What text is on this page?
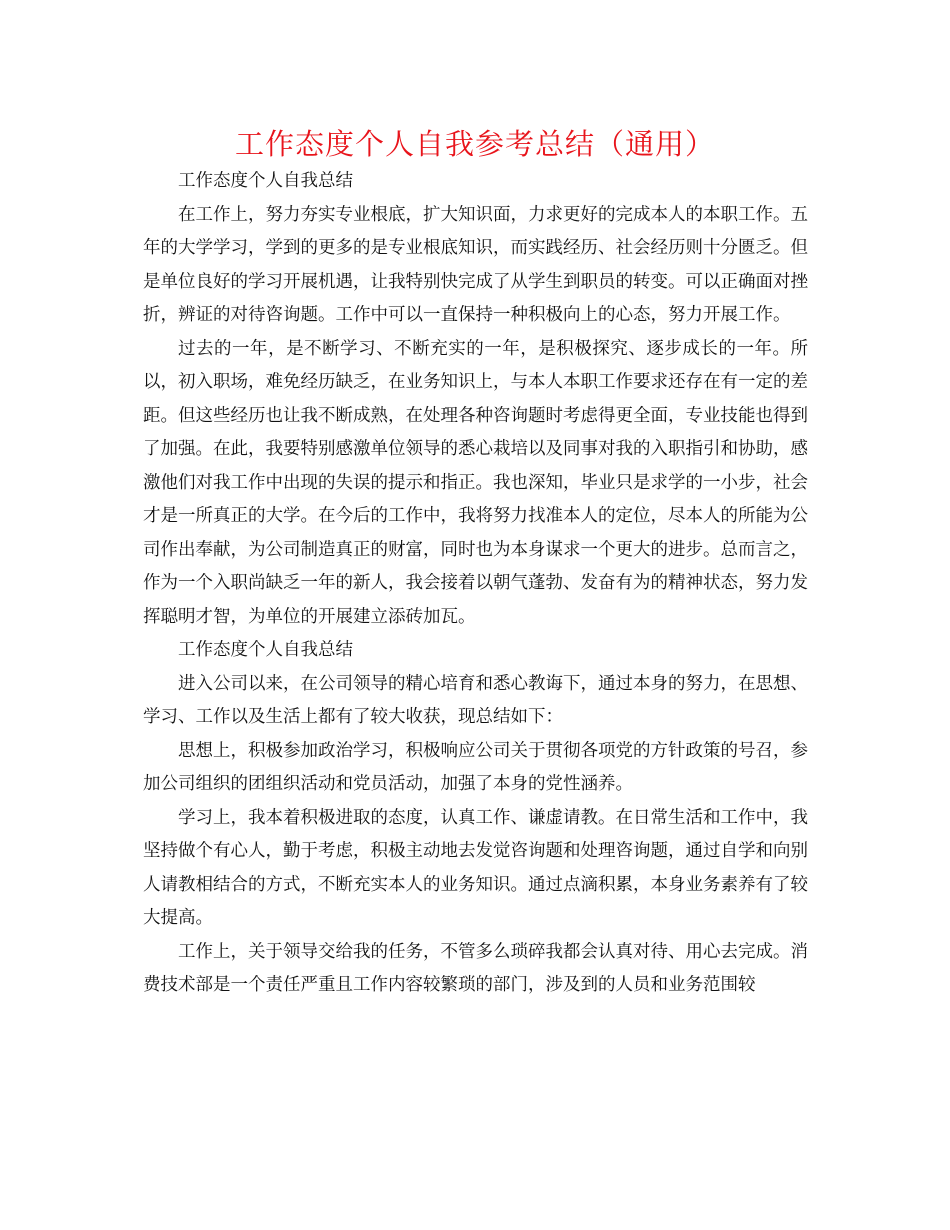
工作态度个人自我参考总结（通用）

工作态度个人自我总结

在工作上，努力夯实专业根底，扩大知识面，力求更好的完成本人的本职工作。五年的大学学习，学到的更多的是专业根底知识，而实践经历、社会经历则十分匮乏。但是单位良好的学习开展机遇，让我特别快完成了从学生到职员的转变。可以正确面对挫折，辨证的对待咨询题。工作中可以一直保持一种积极向上的心态，努力开展工作。

过去的一年，是不断学习、不断充实的一年，是积极探究、逐步成长的一年。所以，初入职场，难免经历缺乏，在业务知识上，与本人本职工作要求还存在有一定的差距。但这些经历也让我不断成熟，在处理各种咨询题时考虑得更全面，专业技能也得到了加强。在此，我要特别感激单位领导的悉心栽培以及同事对我的入职指引和协助，感激他们对我工作中出现的失误的提示和指正。我也深知，毕业只是求学的一小步，社会才是一所真正的大学。在今后的工作中，我将努力找准本人的定位，尽本人的所能为公司作出奉献，为公司制造真正的财富，同时也为本身谋求一个更大的进步。总而言之，作为一个入职尚缺乏一年的新人，我会接着以朝气蓬勃、发奋有为的精神状态，努力发挥聪明才智，为单位的开展建立添砖加瓦。

工作态度个人自我总结

进入公司以来，在公司领导的精心培育和悉心教诲下，通过本身的努力，在思想、学习、工作以及生活上都有了较大收获，现总结如下：

思想上，积极参加政治学习，积极响应公司关于贯彻各项党的方针政策的号召，参加公司组织的团组织活动和党员活动，加强了本身的党性涵养。

学习上，我本着积极进取的态度，认真工作、谦虚请教。在日常生活和工作中，我坚持做个有心人，勤于考虑，积极主动地去发觉咨询题和处理咨询题，通过自学和向别人请教相结合的方式，不断充实本人的业务知识。通过点滴积累，本身业务素养有了较大提高。

工作上，关于领导交给我的任务，不管多么琐碎我都会认真对待、用心去完成。消费技术部是一个责任严重且工作内容较繁琐的部门，涉及到的人员和业务范围较
